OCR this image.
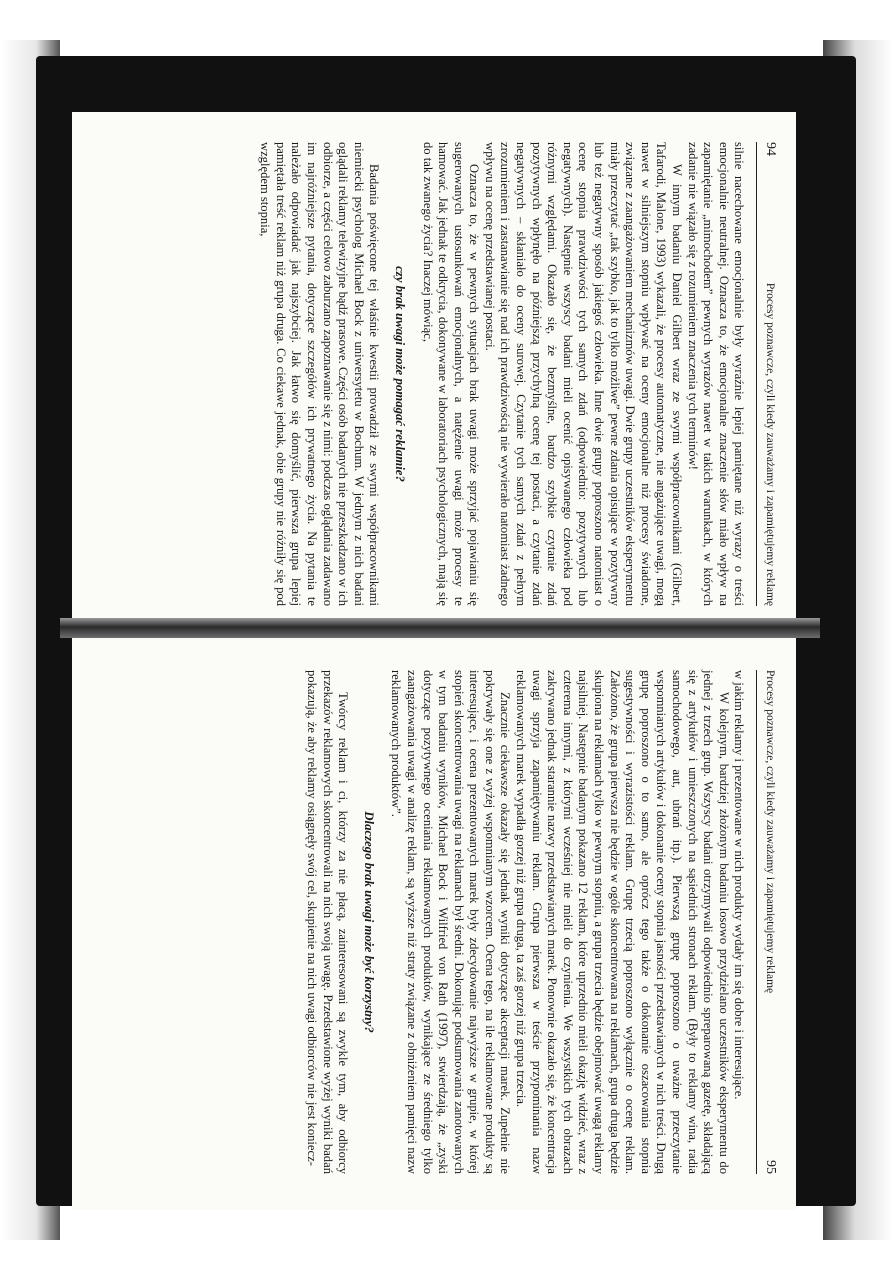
94
Procesy poznawcze, czyli kiedy zauważamy i zapamiętujemy reklamę

silnie nacechowane emocjonalnie były wyraźnie lepiej pamiętane niż wyrazy o treści emocjonalnie neutralnej. Oznacza to, że emocjonalne znaczenie słów miało wpływ na zapamiętanie „mimochodem” pewnych wyrazów nawet w takich warunkach, w których zadanie nie wiązało się z rozumieniem znaczenia tych terminów!

W innym badaniu Daniel Gilbert wraz ze swymi współpracownikami (Gilbert, Tafarodi, Malone, 1993) wykazali, że procesy automatyczne, nie angażujące uwagi, mogą nawet w silniejszym stopniu wpływać na oceny emocjonalne niż procesy świadome, związane z zaangażowaniem mechanizmów uwagi. Dwie grupy uczestników eksperymentu miały przeczytać „tak szybko, jak to tylko możliwe” pewne zdania opisujące w pozytywny lub też negatywny sposób jakiegoś człowieka. Inne dwie grupy poproszono natomiast o ocenę stopnia prawdziwości tych samych zdań (odpowiednio: pozytywnych lub negatywnych). Następnie wszyscy badani mieli ocenić opisywanego człowieka pod różnymi względami. Okazało się, że bezmyślne, bardzo szybkie czytanie zdań pozytywnych wpłynęło na późniejszą przychylną ocenę tej postaci, a czytanie zdań negatywnych – skłaniało do oceny surowej. Czytanie tych samych zdań z pełnym zrozumieniem i zastanawianie się nad ich prawdziwością nie wywierało natomiast żadnego wpływu na ocenę przedstawianej postaci.

Oznacza to, że w pewnych sytuacjach brak uwagi może sprzyjać pojawianiu się sugerowanych ustosunkowań emocjonalnych, a natężenie uwagi może procesy te hamować. Jak jednak te odkrycia, dokonywane w laboratoriach psychologicznych, mają się do tak zwanego życia? Inaczej mówiąc,

czy brak uwagi może pomagać reklamie?

Badania poświęcone tej właśnie kwestii prowadził ze swymi współpracownikami niemiecki psycholog Michael Bock z uniwersytetu w Bochum. W jednym z nich badani oglądali reklamy telewizyjne bądź prasowe. Części osób badanych nie przeszkadzano w ich odbiorze, a części celowo zaburzano zapoznawanie się z nimi: podczas oglądania zadawano im najróżniejsze pytania, dotyczące szczegółów ich prywatnego życia. Na pytania te należało odpowiadać jak najszybciej. Jak łatwo się domyślić, pierwsza grupa lepiej pamiętała treść reklam niż grupa druga. Co ciekawe jednak, obie grupy nie różniły się pod względem stopnia,

Procesy poznawcze, czyli kiedy zauważamy i zapamiętujemy reklamę
95

w jakim reklamy i prezentowane w nich produkty wydały im się dobre i interesujące.

W kolejnym, bardziej złożonym badaniu losowo przydzielano uczestników eksperymentu do jednej z trzech grup. Wszyscy badani otrzymywali odpowiednio spreparowaną gazetę, składającą się z artykułów i umieszczonych na sąsiednich stronach reklam. (Były to reklamy wina, radia samochodowego, aut, ubrań itp.). Pierwszą grupę poproszono o uważne przeczytanie wspomnianych artykułów i dokonanie oceny stopnia jasności przedstawianych w nich treści. Drugą grupę poproszono o to samo, ale oprócz tego także o dokonanie oszacowania stopnia sugestywności i wyrazistości reklam. Grupę trzecią poproszono wyłącznie o ocenę reklam. Założono, że grupa pierwsza nie będzie w ogóle skoncentrowana na reklamach, grupa druga będzie skupiona na reklamach tylko w pewnym stopniu, a grupa trzecia będzie obejmować uwagą reklamy najsilniej. Następnie badanym pokazano 12 reklam, które uprzednio mieli okazję widzieć, wraz z czterema innymi, z którymi wcześniej nie mieli do czynienia. We wszystkich tych obrazach zakrywano jednak starannie nazwy przedstawianych marek. Ponownie okazało się, że koncentracja uwagi sprzyja zapamiętywaniu reklam. Grupa pierwsza w teście przypominania nazw reklamowanych marek wypadła gorzej niż grupa druga, ta zaś gorzej niż grupa trzecia.

Znacznie ciekawsze okazały się jednak wyniki dotyczące akceptacji marek. Zupełnie nie pokrywały się one z wyżej wspomnianym wzorcem. Ocena tego, na ile reklamowane produkty są interesujące, i ocena prezentowanych marek były zdecydowanie najwyższe w grupie, w której stopień skoncentrowania uwagi na reklamach był średni. Dokonując podsumowania zanotowanych w tym badaniu wyników, Michael Bock i Wilfried von Rath (1997), stwierdzają, że „zyski dotyczące pozytywnego oceniania reklamowanych produktów, wynikające ze średniego tylko zaangażowania uwagi w analizę reklam, są wyższe niż straty związane z obniżeniem pamięci nazw reklamowanych produktów”.

Dlaczego brak uwagi może być korzystny?

Twórcy reklam i ci, którzy za nie płacą, zainteresowani są zwykle tym, aby odbiorcy przekazów reklamowych skoncentrowali na nich swoją uwagę. Przedstawione wyżej wyniki badań pokazują, że aby reklamy osiągnęły swój cel, skupienie na nich uwagi odbiorców nie jest koniecz-
